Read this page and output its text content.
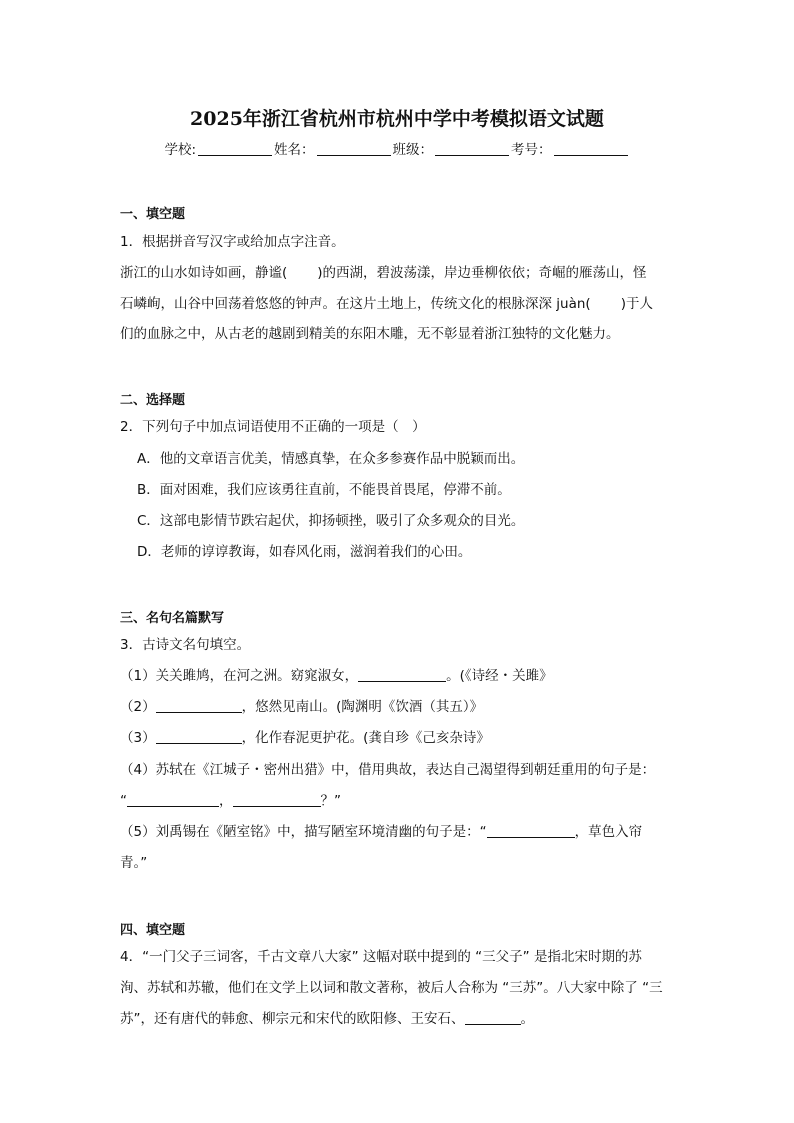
2025年浙江省杭州市杭州中学中考模拟语文试题
学校:	姓名：	班级：	考号：
一、填空题
1．根据拼音写汉字或给加点字注音。
浙江的山水如诗如画，静谧( )的西湖，碧波荡漾，岸边垂柳依依；奇崛的雁荡山，怪
石嶙峋，山谷中回荡着悠悠的钟声。在这片土地上，传统文化的根脉深深 juàn( )于人
们的血脉之中，从古老的越剧到精美的东阳木雕，无不彰显着浙江独特的文化魅力。
二、选择题
2．下列句子中加点词语使用不正确的一项是（　）
A．他的文章语言优美，情感真挚，在众多参赛作品中脱颖而出。
B．面对困难，我们应该勇往直前，不能畏首畏尾，停滞不前。
C．这部电影情节跌宕起伏，抑扬顿挫，吸引了众多观众的目光。
D．老师的谆谆教诲，如春风化雨，滋润着我们的心田。
三、名句名篇默写
3．古诗文名句填空。
（1）关关雎鸠，在河之洲。窈窕淑女，	。(《诗经・关雎》
（2）	，悠然见南山。(陶渊明《饮酒（其五）》
（3）	，化作春泥更护花。(龚自珍《己亥杂诗》
（4）苏轼在《江城子・密州出猎》中，借用典故，表达自己渴望得到朝廷重用的句子是：
“	，	？”
（5）刘禹锡在《陋室铭》中，描写陋室环境清幽的句子是：“	，草色入帘
青。”
四、填空题
4．“一门父子三词客，千古文章八大家” 这幅对联中提到的 “三父子” 是指北宋时期的苏
洵、苏轼和苏辙，他们在文学上以词和散文著称，被后人合称为 “三苏”。八大家中除了 “三
苏”，还有唐代的韩愈、柳宗元和宋代的欧阳修、王安石、	。
